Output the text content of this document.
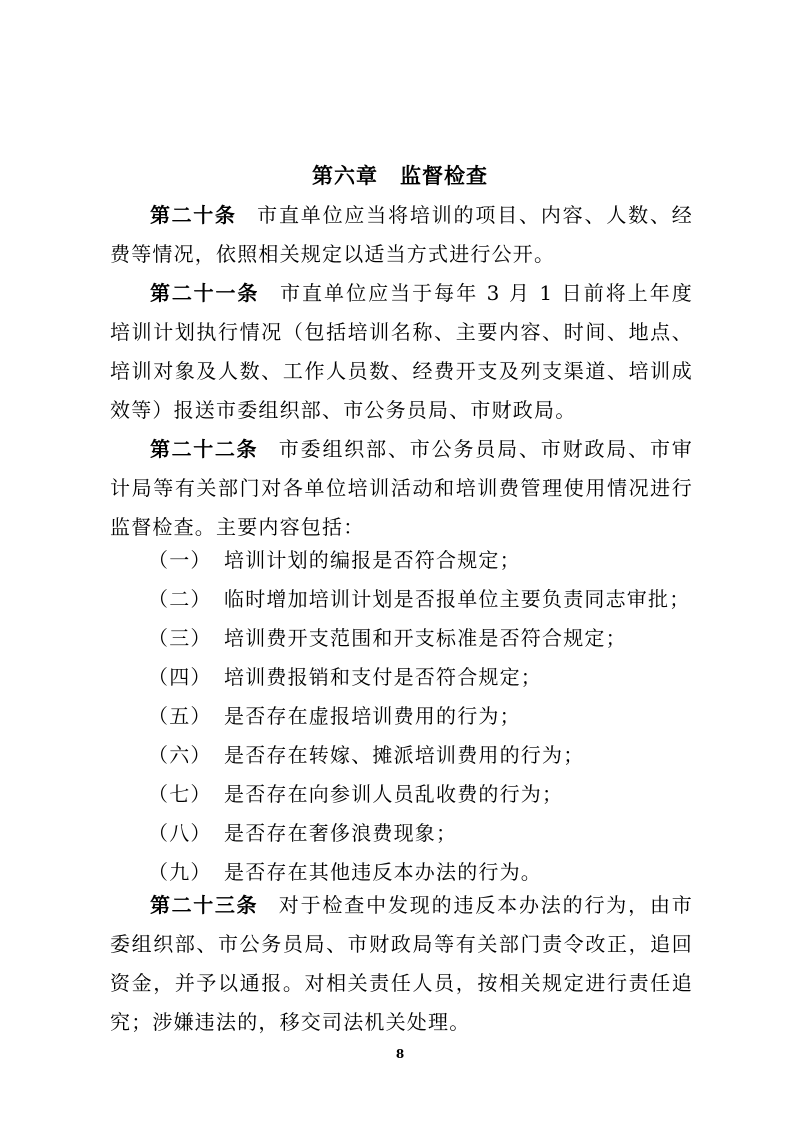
第六章　监督检查
第二十条 市直单位应当将培训的项目、内容、人数、经费等情况，依照相关规定以适当方式进行公开。
第二十一条 市直单位应当于每年 3 月 1 日前将上年度培训计划执行情况（包括培训名称、主要内容、时间、地点、培训对象及人数、工作人员数、经费开支及列支渠道、培训成效等）报送市委组织部、市公务员局、市财政局。
第二十二条 市委组织部、市公务员局、市财政局、市审计局等有关部门对各单位培训活动和培训费管理使用情况进行监督检查。主要内容包括：
（一） 培训计划的编报是否符合规定；
（二） 临时增加培训计划是否报单位主要负责同志审批；
（三） 培训费开支范围和开支标准是否符合规定；
（四） 培训费报销和支付是否符合规定；
（五） 是否存在虚报培训费用的行为；
（六） 是否存在转嫁、摊派培训费用的行为；
（七） 是否存在向参训人员乱收费的行为；
（八） 是否存在奢侈浪费现象；
（九） 是否存在其他违反本办法的行为。
第二十三条 对于检查中发现的违反本办法的行为，由市委组织部、市公务员局、市财政局等有关部门责令改正，追回资金，并予以通报。对相关责任人员，按相关规定进行责任追究；涉嫌违法的，移交司法机关处理。
8
